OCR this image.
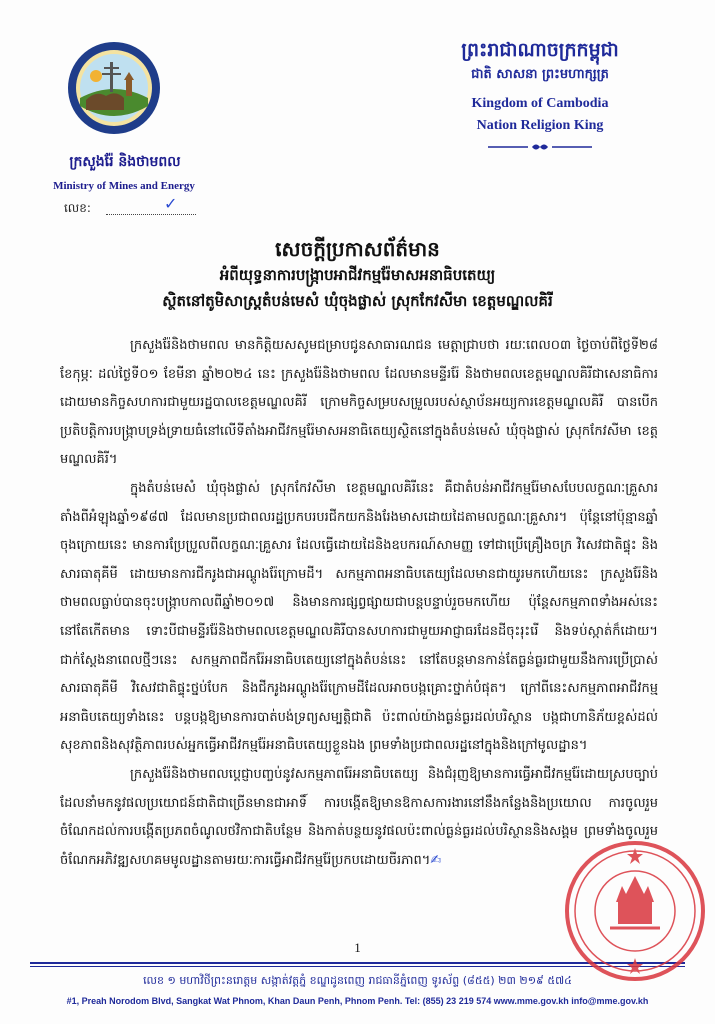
ក្រសួងរ៉ែ និងថាមពល
Ministry of Mines and Energy
លេខ:	✓
ព្រះរាជាណាចក្រកម្ពុជា
ជាតិ សាសនា ព្រះមហាក្សត្រ
Kingdom of Cambodia
Nation Religion King
សេចក្តីប្រកាសព័ត៌មាន
អំពីយុទ្ធនាការបង្ក្រាបអាជីវកម្មរ៉ែមាសអនាធិបតេយ្យ
ស្ថិតនៅតូមិសាស្ត្រតំបន់មេសំ ឃុំចុងផ្លាស់ ស្រុកកែវសីមា ខេត្តមណ្ឌលគិរី

ក្រសួងរ៉ែនិងថាមពល មានកិត្តិយសសូមជម្រាបជូនសាធារណជន មេត្តាជ្រាបថា រយៈពេល០៣ ថ្ងៃចាប់ពីថ្ងៃទី២៨ ខែកុម្ភៈ ដល់ថ្ងៃទី០១ ខែមីនា ឆ្នាំ២០២៤ នេះ ក្រសួងរ៉ែនិងថាមពល ដែលមានមន្ទីររ៉ែ និងថាមពលខេត្តមណ្ឌលគិរីជាសេនាធិការ ដោយមានកិច្ចសហការជាមួយរដ្ឋបាលខេត្តមណ្ឌលគិរី ក្រោមកិច្ចសម្របសម្រួលរបស់ស្ថាប័នអយ្យការខេត្តមណ្ឌលគិរី បានបើកប្រតិបត្តិការបង្ក្រាបទ្រង់ទ្រាយធំនៅលើទីតាំងអាជីវកម្មរ៉ែមាសអនាធិតេយ្យស្ថិតនៅក្នុងតំបន់មេសំ ឃុំចុងផ្លាស់ ស្រុកកែវសីមា ខេត្តមណ្ឌលគិរី។

ក្នុងតំបន់មេសំ ឃុំចុងផ្លាស់ ស្រុកកែវសីមា ខេត្តមណ្ឌលគិរីនេះ គឺជាតំបន់អាជីវកម្មរ៉ែមាសបែបលក្ខណៈគ្រួសារតាំងពីអំឡុងឆ្នាំ១៩៨៧ ដែលមានប្រជាពលរដ្ឋប្រកបរបរជីកយកនិងរែងមាសដោយដៃតាមលក្ខណៈគ្រួសារ។ ប៉ុន្តែនៅប៉ុន្មានឆ្នាំចុងក្រោយនេះ មានការប្រែប្រួលពីលក្ខណៈគ្រួសារ ដែលធ្វើដោយដៃនិងឧបករណ៍សាមញ្ញ ទៅជាប្រើគ្រឿងចក្រ វិសេវជាតិផ្ទុះ និងសារធាតុគីមី ដោយមានការជីករូងជាអណ្តូងរ៉ែក្រោមដី។ សកម្មភាពអនាធិបតេយ្យដែលមានជាយូរមកហើយនេះ ក្រសួងរ៉ែនិងថាមពលធ្លាប់បានចុះបង្ក្រាបកាលពីឆ្នាំ២០១៧ និងមានការផ្សព្វផ្សាយជាបន្តបន្ទាប់រួចមកហើយ ប៉ុន្តែសកម្មភាពទាំងអស់នេះនៅតែកើតមាន ទោះបីជាមន្ទីររ៉ែនិងថាមពលខេត្តមណ្ឌលគិរីបានសហការជាមួយអាជ្ញាធរដែនដីចុះរុះរើ និងទប់ស្កាត់ក៏ដោយ។ ជាក់ស្តែងនាពេលថ្មីៗនេះ សកម្មភាពជីករ៉ែអនាធិបតេយ្យនៅក្នុងតំបន់នេះ នៅតែបន្តមានកាន់តែធ្ងន់ធ្ងរជាមួយនឹងការប្រើប្រាស់សារធាតុគីមី វិសេវជាតិផ្ទុះថ្នប់បែក និងជីករូងអណ្តូងរ៉ែក្រោមដីដែលអាចបង្កគ្រោះថ្នាក់បំផុត។ ក្រៅពីនេះសកម្មភាពអាជីវកម្មអនាធិបតេយ្យទាំងនេះ បន្តបង្កឱ្យមានការបាត់បង់ទ្រព្យសម្បត្តិជាតិ ប៉ះពាល់យ៉ាងធ្ងន់ធ្ងរដល់បរិស្ថាន បង្កជាហានិភ័យខ្ពស់ដល់សុខភាពនិងសុវត្ថិភាពរបស់អ្នកធ្វើអាជីវកម្មរ៉ែអនាធិបតេយ្យខ្លួនឯង ព្រមទាំងប្រជាពលរដ្ឋនៅក្នុងនិងក្រៅមូលដ្ឋាន។

ក្រសួងរ៉ែនិងថាមពលប្តេជ្ញាបញ្ចប់នូវសកម្មភាពរ៉ែអនាធិបតេយ្យ និងជំរុញឱ្យមានការធ្វើអាជីវកម្មរ៉ែដោយស្របច្បាប់ដែលនាំមកនូវផលប្រយោជន៍ជាតិជាច្រើនមានជាអាទិ៍ ការបង្កើតឱ្យមានឱកាសការងារនៅនឹងកន្លែងនិងប្រយោល ការចូលរួមចំណែកដល់ការបង្កើតប្រភពចំណូលថវិកាជាតិបន្ថែម និងកាត់បន្ថយនូវផលប៉ះពាល់ធ្ងន់ធ្ងរដល់បរិស្ថាននិងសង្គម ព្រមទាំងចូលរួមចំណែកអភិវឌ្ឍសហគមមូលដ្ឋានតាមរយៈការធ្វើអាជីវកម្មរ៉ែប្រកបដោយចីរភាព។✍

1
លេខ ១ មហាវិថីព្រះនរោត្តម សង្កាត់វត្តភ្នំ ខណ្ឌដូនពេញ រាជធានីភ្នំពេញ ទូរស័ព្ទ (៨៥៥) ២៣ ២១៩ ៥៧៤
#1, Preah Norodom Blvd, Sangkat Wat Phnom, Khan Daun Penh, Phnom Penh. Tel: (855) 23 219 574 www.mme.gov.kh info@mme.gov.kh
